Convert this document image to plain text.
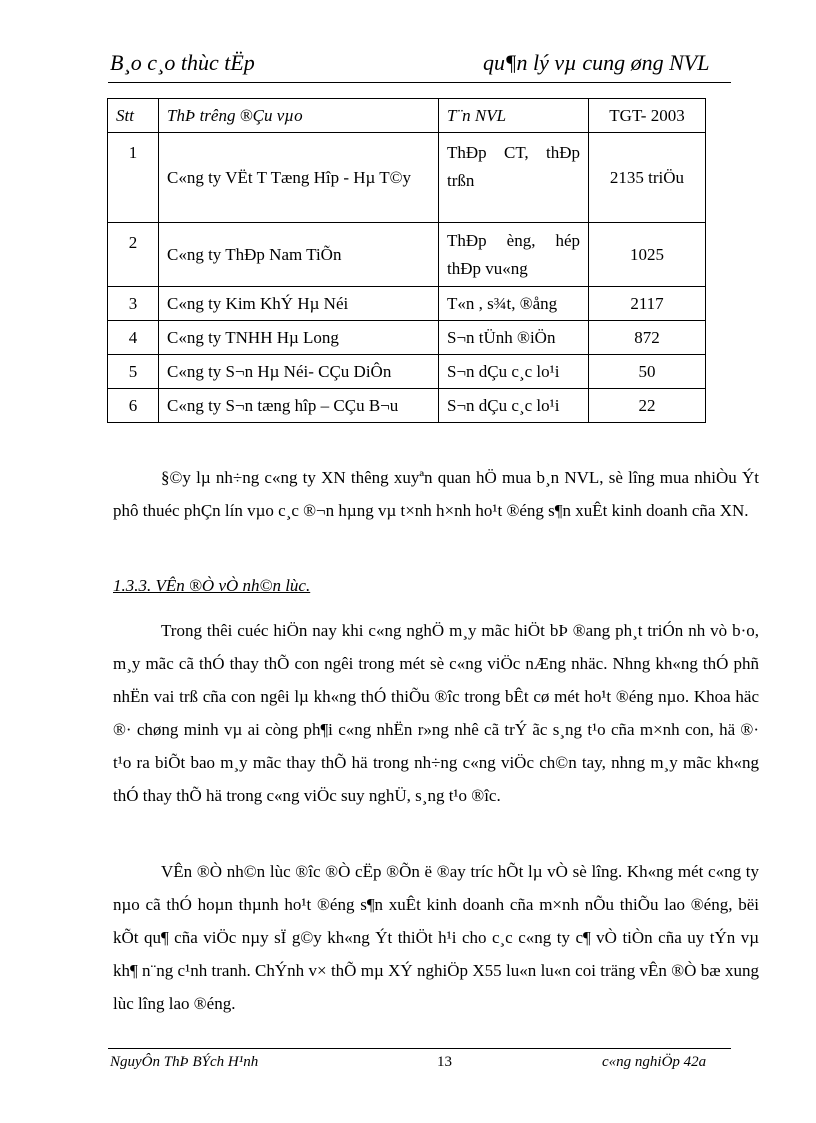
B¸o c¸o thùc tËp	qu¶n lý vµ cung øng NVL
Stt	ThÞ trêng ®Çu vµo	T¨n NVL	TGT- 2003
1	C«ng ty VËt T Tæng Hîp - Hµ T©y	ThÐp CT, thÐp trßn	2135 triÖu
2	C«ng ty ThÐp Nam TiÕn	ThÐp èng, hép thÐp vu«ng	1025
3	C«ng ty Kim KhÝ Hµ Néi	T«n , s¾t, ®ång	2117
4	C«ng ty TNHH Hµ Long	S¬n tÜnh ®iÖn	872
5	C«ng ty S¬n Hµ Néi- CÇu DiÔn	S¬n dÇu c¸c lo¹i	50
6	C«ng ty S¬n tæng hîp – CÇu B¬u	S¬n dÇu c¸c lo¹i	22

§©y lµ nh÷ng c«ng ty XN thêng xuyªn quan hÖ mua b¸n NVL, sè lîng mua nhiÒu Ýt phô thuéc phÇn lín vµo c¸c ®¬n hµng vµ t×nh h×nh ho¹t ®éng s¶n xuÊt kinh doanh cña XN.

1.3.3. VÊn ®Ò vÒ nh©n lùc.

Trong thêi cuéc hiÖn nay khi c«ng nghÖ m¸y mãc hiÖt bÞ ®ang ph¸t triÓn nh vò b·o, m¸y mãc cã thÓ thay thÕ con ngêi trong mét sè c«ng viÖc nÆng nhäc. Nhng kh«ng thÓ phñ nhËn vai trß cña con ngêi lµ kh«ng thÓ thiÕu ®îc trong bÊt cø mét ho¹t ®éng nµo. Khoa häc ®· chøng minh vµ ai còng ph¶i c«ng nhËn r»ng nhê cã trÝ ãc s¸ng t¹o cña m×nh con, hä ®· t¹o ra biÕt bao m¸y mãc thay thÕ hä trong nh÷ng c«ng viÖc ch©n tay, nhng m¸y mãc kh«ng thÓ thay thÕ hä trong c«ng viÖc suy nghÜ, s¸ng t¹o ®îc.

VÊn ®Ò nh©n lùc ®îc ®Ò cËp ®Õn ë ®ay tríc hÕt lµ vÒ sè lîng. Kh«ng mét c«ng ty nµo cã thÓ hoµn thµnh ho¹t ®éng s¶n xuÊt kinh doanh cña m×nh nÕu thiÕu lao ®éng, bëi kÕt qu¶ cña viÖc nµy sÏ g©y kh«ng Ýt thiÖt h¹i cho c¸c c«ng ty c¶ vÒ tiÒn cña uy tÝn vµ kh¶ n¨ng c¹nh tranh. ChÝnh v× thÕ mµ XÝ nghiÖp X55 lu«n lu«n coi träng vÊn ®Ò bæ xung lùc lîng lao ®éng.

NguyÔn ThÞ BÝch H¹nh	13	c«ng nghiÖp 42a
